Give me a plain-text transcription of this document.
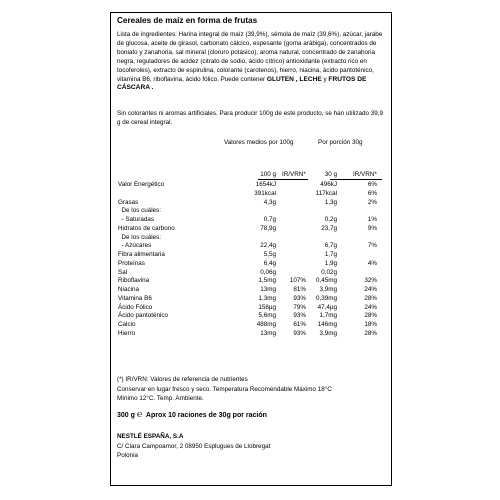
Cereales de maíz en forma de frutas
Lista de ingredientes: Harina integral de maíz (39,9%), sémola de maíz (39,6%), azúcar, jarabe de glucosa, aceite de girasol, carbonato cálcico, espesante (goma arábiga), concentrados de boniato y zanahoria, sal mineral (cloruro potásico), aroma natural, concentrado de zanahoria negra, reguladores de acidez (citrato de sodio, ácido cítrico) antioxidante (extracto rico en tocoferoles), extracto de espirulina, colorante (carotenos), hierro, niacina, ácido pantoténico, vitamina B6, riboflavina, ácido fólico. Puede contener GLUTEN , LECHE y FRUTOS DE CÁSCARA .
Sin colorantes ni aromas artificiales. Para producir 100g de este producto, se han utilizado 39,9 g de cereal integral.
Valores medios por 100g	Por porción 30g
100 g IR/VRN*	30 g	IR/VRN*
Valor Energético	1654kJ	496kJ	6%
391kcal	117kcal	6%
Grasas	4,3g	1,3g	2%
De los cuáles:
- Saturadas	0,7g	0,2g	1%
Hidratos de carbono	78,9g	23,7g	9%
De los cuáles:
- Azúcares	22,4g	6,7g	7%
Fibra alimentaria	5,5g	1,7g
Proteínas	6,4g	1,9g	4%
Sal	0,06g	0,02g
Riboflavina	1,5mg	107%	0,45mg	32%
Niacina	13mg	81%	3,9mg	24%
Vitamina B6	1,3mg	93%	0,39mg	28%
Ácido Fólico	158µg	79%	47,4µg	24%
Ácido pantoténico	5,6mg	93%	1,7mg	28%
Calcio	488mg	61%	146mg	18%
Hierro	13mg	93%	3,9mg	28%
(*) IR/VRN: Valores de referencia de nutrientes
Conservar en lugar fresco y seco. Temperatura Recomendable Máximo 18°C
Mínimo 12°C. Temp. Ambiente.
300 g ℮ Aprox 10 raciones de 30g por ración
NESTLÉ ESPAÑA, S.A
C/ Clara Campoamor, 2 08950 Esplugues de Llobregat
Polonia
